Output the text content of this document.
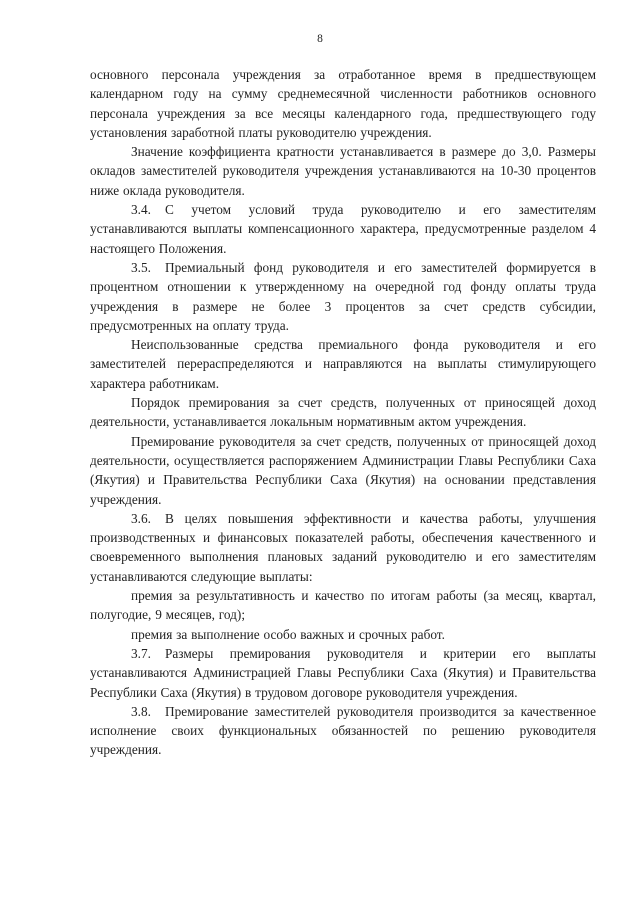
8

основного персонала учреждения за отработанное время в предшествующем календарном году на сумму среднемесячной численности работников основного персонала учреждения за все месяцы календарного года, предшествующего году установления заработной платы руководителю учреждения.

Значение коэффициента кратности устанавливается в размере до 3,0. Размеры окладов заместителей руководителя учреждения устанавливаются на 10-30 процентов ниже оклада руководителя.

3.4. С учетом условий труда руководителю и его заместителям устанавливаются выплаты компенсационного характера, предусмотренные разделом 4 настоящего Положения.

3.5. Премиальный фонд руководителя и его заместителей формируется в процентном отношении к утвержденному на очередной год фонду оплаты труда учреждения в размере не более 3 процентов за счет средств субсидии, предусмотренных на оплату труда.

Неиспользованные средства премиального фонда руководителя и его заместителей перераспределяются и направляются на выплаты стимулирующего характера работникам.

Порядок премирования за счет средств, полученных от приносящей доход деятельности, устанавливается локальным нормативным актом учреждения.

Премирование руководителя за счет средств, полученных от приносящей доход деятельности, осуществляется распоряжением Администрации Главы Республики Саха (Якутия) и Правительства Республики Саха (Якутия) на основании представления учреждения.

3.6. В целях повышения эффективности и качества работы, улучшения производственных и финансовых показателей работы, обеспечения качественного и своевременного выполнения плановых заданий руководителю и его заместителям устанавливаются следующие выплаты:

премия за результативность и качество по итогам работы (за месяц, квартал, полугодие, 9 месяцев, год);

премия за выполнение особо важных и срочных работ.

3.7. Размеры премирования руководителя и критерии его выплаты устанавливаются Администрацией Главы Республики Саха (Якутия) и Правительства Республики Саха (Якутия) в трудовом договоре руководителя учреждения.

3.8. Премирование заместителей руководителя производится за качественное исполнение своих функциональных обязанностей по решению руководителя учреждения.
